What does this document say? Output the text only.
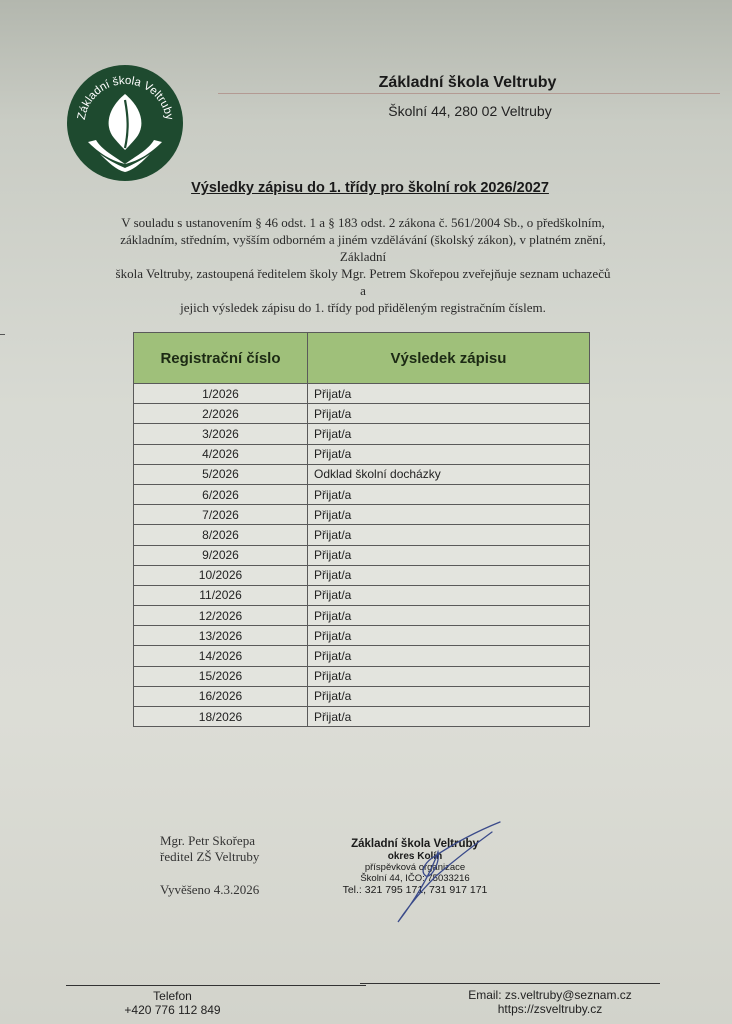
Základní škola Veltruby
Základní škola Veltruby
Školní 44, 280 02 Veltruby
Výsledky zápisu do 1. třídy pro školní rok 2026/2027
V souladu s ustanovením § 46 odst. 1 a § 183 odst. 2 zákona č. 561/2004 Sb., o předškolním,
základním, středním, vyšším odborném a jiném vzdělávání (školský zákon), v platném znění, Základní
škola Veltruby, zastoupená ředitelem školy Mgr. Petrem Skořepou zveřejňuje seznam uchazečů a
jejich výsledek zápisu do 1. třídy pod přiděleným registračním číslem.
Registrační číslo	Výsledek zápisu
1/2026	Přijat/a
2/2026	Přijat/a
3/2026	Přijat/a
4/2026	Přijat/a
5/2026	Odklad školní docházky
6/2026	Přijat/a
7/2026	Přijat/a
8/2026	Přijat/a
9/2026	Přijat/a
10/2026	Přijat/a
11/2026	Přijat/a
12/2026	Přijat/a
13/2026	Přijat/a
14/2026	Přijat/a
15/2026	Přijat/a
16/2026	Přijat/a
18/2026	Přijat/a
Mgr. Petr Skořepa
ředitel ZŠ Veltruby
Vyvěšeno 4.3.2026
Základní škola Veltruby
okres Kolín
příspěvková organizace
Školní 44, IČO: 75033216
Tel.: 321 795 171, 731 917 171
Telefon
+420 776 112 849
Email: zs.veltruby@seznam.cz
https://zsveltruby.cz
